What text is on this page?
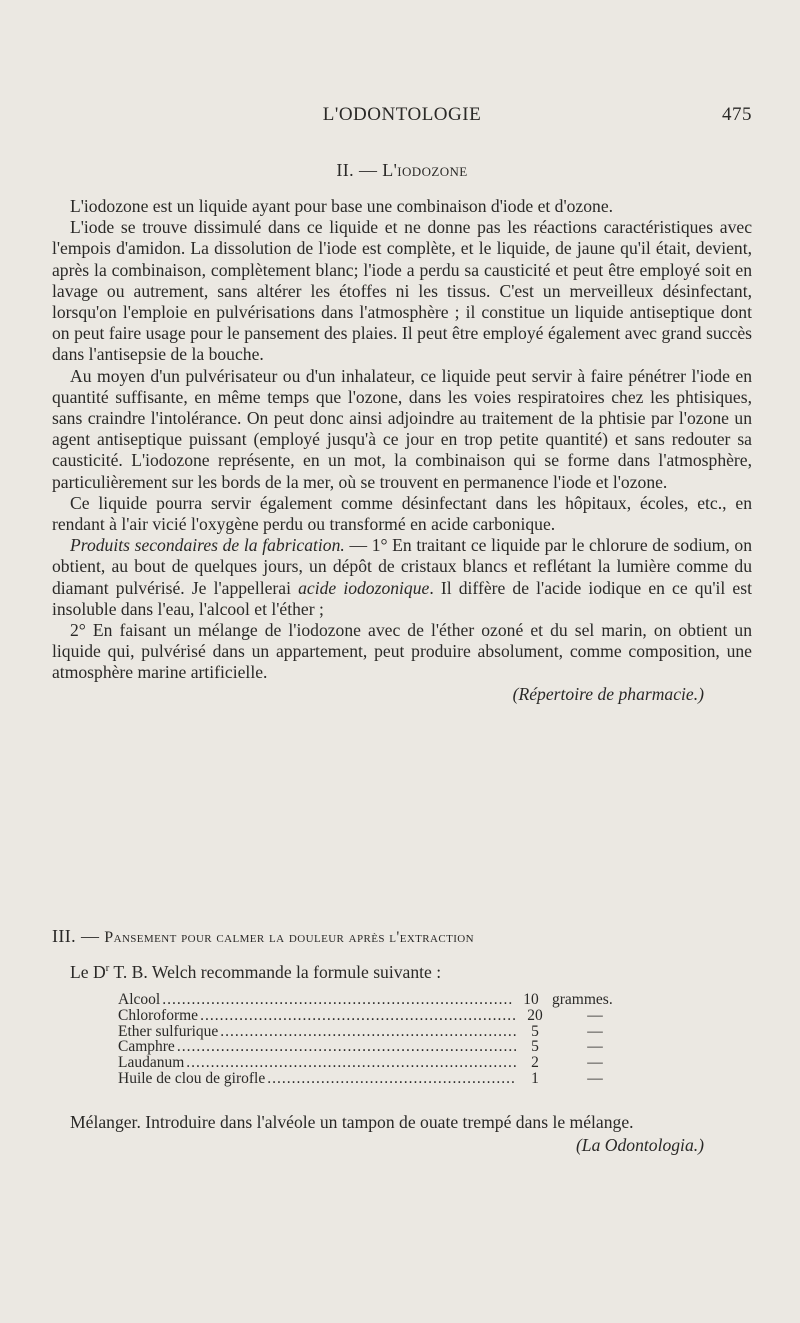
L'ODONTOLOGIE	475
II. — L'iodozone

L'iodozone est un liquide ayant pour base une combinaison d'iode et d'ozone.

L'iode se trouve dissimulé dans ce liquide et ne donne pas les réactions caractéristiques avec l'empois d'amidon. La dissolution de l'iode est complète, et le liquide, de jaune qu'il était, devient, après la combinaison, complètement blanc; l'iode a perdu sa causticité et peut être employé soit en lavage ou autrement, sans altérer les étoffes ni les tissus. C'est un merveilleux désinfectant, lorsqu'on l'emploie en pulvérisations dans l'atmosphère ; il constitue un liquide antiseptique dont on peut faire usage pour le pansement des plaies. Il peut être employé également avec grand succès dans l'antisepsie de la bouche.

Au moyen d'un pulvérisateur ou d'un inhalateur, ce liquide peut servir à faire pénétrer l'iode en quantité suffisante, en même temps que l'ozone, dans les voies respiratoires chez les phtisiques, sans craindre l'intolérance. On peut donc ainsi adjoindre au traitement de la phtisie par l'ozone un agent antiseptique puissant (employé jusqu'à ce jour en trop petite quantité) et sans redouter sa causticité. L'iodozone représente, en un mot, la combinaison qui se forme dans l'atmosphère, particulièrement sur les bords de la mer, où se trouvent en permanence l'iode et l'ozone.

Ce liquide pourra servir également comme désinfectant dans les hôpitaux, écoles, etc., en rendant à l'air vicié l'oxygène perdu ou transformé en acide carbonique.

Produits secondaires de la fabrication. — 1° En traitant ce liquide par le chlorure de sodium, on obtient, au bout de quelques jours, un dépôt de cristaux blancs et reflétant la lumière comme du diamant pulvérisé. Je l'appellerai acide iodozonique. Il diffère de l'acide iodique en ce qu'il est insoluble dans l'eau, l'alcool et l'éther ;

2° En faisant un mélange de l'iodozone avec de l'éther ozoné et du sel marin, on obtient un liquide qui, pulvérisé dans un appartement, peut produire absolument, comme composition, une atmosphère marine artificielle.

(Répertoire de pharmacie.)

III. — Pansement pour calmer la douleur après l'extraction

Le $D^r$ T. B. Welch recommande la formule suivante :

Alcool .....	10 grammes.
Chloroforme .....	20	—
Ether sulfurique .....	5	—
Camphre .....	5	—
Laudanum .....	2	—
Huile de clou de girofle .....	1	—

Mélanger. Introduire dans l'alvéole un tampon de ouate trempé dans le mélange.

(La Odontologia.)
